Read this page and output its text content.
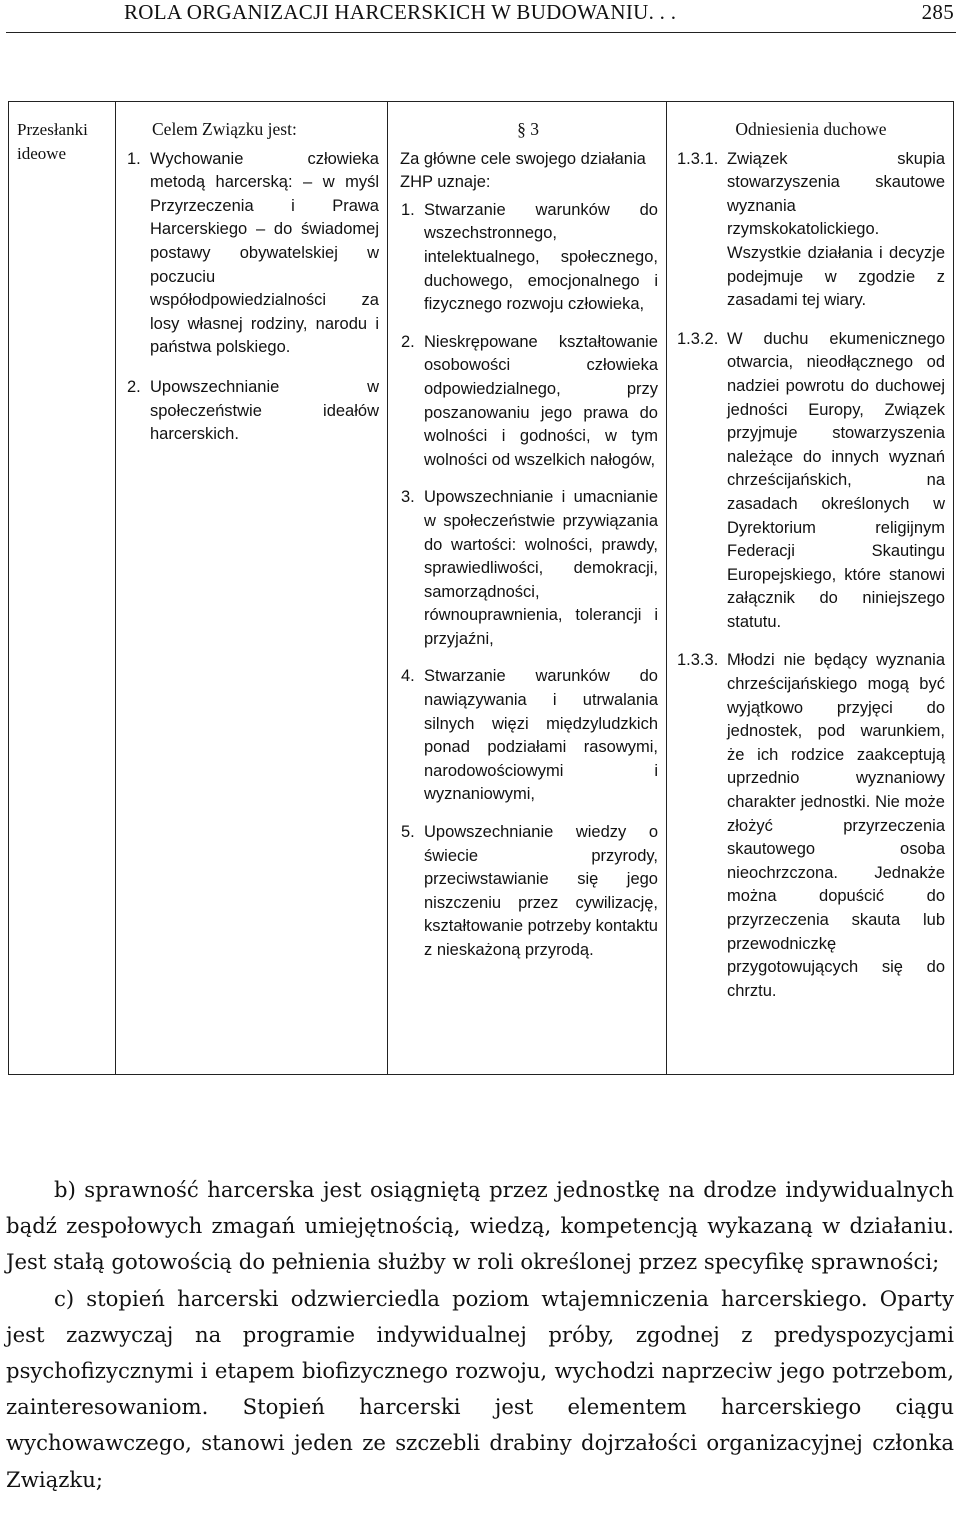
ROLA ORGANIZACJI HARCERSKICH W BUDOWANIU. . .	285
Przesłanki ideowe
Celem Związku jest:
1. Wychowanie człowieka metodą harcerską: – w myśl Przyrzeczenia i Prawa Harcerskiego – do świadomej postawy obywatelskiej w poczuciu współodpowiedzialności za losy własnej rodziny, narodu i państwa polskiego.
2. Upowszechnianie w społeczeństwie ideałów harcerskich.
§ 3
Za główne cele swojego działania ZHP uznaje:
1. Stwarzanie warunków do wszechstronnego, intelektualnego, społecznego, duchowego, emocjonalnego i fizycznego rozwoju człowieka,
2. Nieskrępowane kształtowanie osobowości człowieka odpowiedzialnego, przy poszanowaniu jego prawa do wolności i godności, w tym wolności od wszelkich nałogów,
3. Upowszechnianie i umacnianie w społeczeństwie przywiązania do wartości: wolności, prawdy, sprawiedliwości, demokracji, samorządności, równouprawnienia, tolerancji i przyjaźni,
4. Stwarzanie warunków do nawiązywania i utrwalania silnych więzi międzyludzkich ponad podziałami rasowymi, narodowościowymi i wyznaniowymi,
5. Upowszechnianie wiedzy o świecie przyrody, przeciwstawianie się jego niszczeniu przez cywilizację, kształtowanie potrzeby kontaktu z nieskażoną przyrodą.
Odniesienia duchowe
1.3.1. Związek skupia stowarzyszenia skautowe wyznania rzymskokatolickiego. Wszystkie działania i decyzje podejmuje w zgodzie z zasadami tej wiary.
1.3.2. W duchu ekumenicznego otwarcia, nieodłącznego od nadziei powrotu do duchowej jedności Europy, Związek przyjmuje stowarzyszenia należące do innych wyznań chrześcijańskich, na zasadach określonych w Dyrektorium religijnym Federacji Skautingu Europejskiego, które stanowi załącznik do niniejszego statutu.
1.3.3. Młodzi nie będący wyznania chrześcijańskiego mogą być wyjątkowo przyjęci do jednostek, pod warunkiem, że ich rodzice zaakceptują uprzednio wyznaniowy charakter jednostki. Nie może złożyć przyrzeczenia skautowego osoba nieochrzczona. Jednakże można dopuścić do przyrzeczenia skauta lub przewodniczkę przygotowujących się do chrztu.

b) sprawność harcerska jest osiągniętą przez jednostkę na drodze indywidualnych bądź zespołowych zmagań umiejętnością, wiedzą, kompetencją wykazaną w działaniu. Jest stałą gotowością do pełnienia służby w roli określonej przez specyfikę sprawności;

c) stopień harcerski odzwierciedla poziom wtajemniczenia harcerskiego. Oparty jest zazwyczaj na programie indywidualnej próby, zgodnej z predyspozycjami psychofizycznymi i etapem biofizycznego rozwoju, wychodzi naprzeciw jego potrzebom, zainteresowaniom. Stopień harcerski jest elementem harcerskiego ciągu wychowawczego, stanowi jeden ze szczebli drabiny dojrzałości organizacyjnej członka Związku;
